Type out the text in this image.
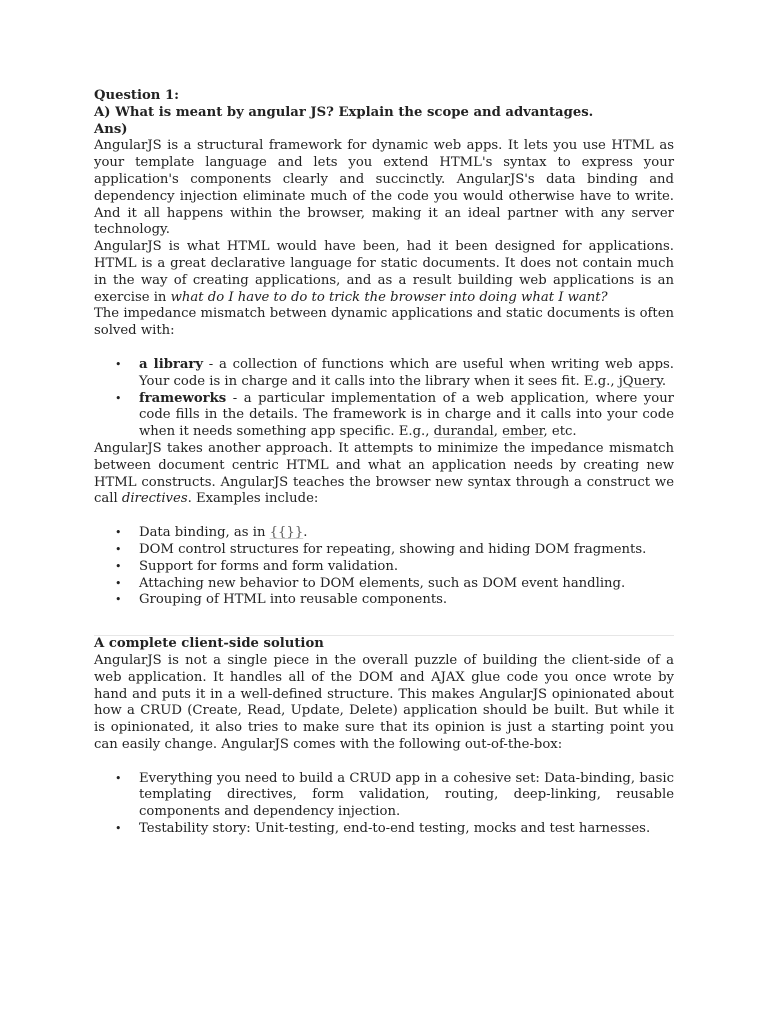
Question 1:

A) What is meant by angular JS? Explain the scope and advantages.

Ans)

AngularJS is a structural framework for dynamic web apps. It lets you use HTML as your template language and lets you extend HTML's syntax to express your application's components clearly and succinctly. AngularJS's data binding and dependency injection eliminate much of the code you would otherwise have to write. And it all happens within the browser, making it an ideal partner with any server technology.

AngularJS is what HTML would have been, had it been designed for applications. HTML is a great declarative language for static documents. It does not contain much in the way of creating applications, and as a result building web applications is an exercise in what do I have to do to trick the browser into doing what I want?

The impedance mismatch between dynamic applications and static documents is often solved with:

• a library - a collection of functions which are useful when writing web apps. Your code is in charge and it calls into the library when it sees fit. E.g., jQuery.
• frameworks - a particular implementation of a web application, where your code fills in the details. The framework is in charge and it calls into your code when it needs something app specific. E.g., durandal, ember, etc.

AngularJS takes another approach. It attempts to minimize the impedance mismatch between document centric HTML and what an application needs by creating new HTML constructs. AngularJS teaches the browser new syntax through a construct we call directives. Examples include:

• Data binding, as in {{}}.
• DOM control structures for repeating, showing and hiding DOM fragments.
• Support for forms and form validation.
• Attaching new behavior to DOM elements, such as DOM event handling.
• Grouping of HTML into reusable components.

A complete client-side solution

AngularJS is not a single piece in the overall puzzle of building the client-side of a web application. It handles all of the DOM and AJAX glue code you once wrote by hand and puts it in a well-defined structure. This makes AngularJS opinionated about how a CRUD (Create, Read, Update, Delete) application should be built. But while it is opinionated, it also tries to make sure that its opinion is just a starting point you can easily change. AngularJS comes with the following out-of-the-box:

• Everything you need to build a CRUD app in a cohesive set: Data-binding, basic templating directives, form validation, routing, deep-linking, reusable components and dependency injection.
• Testability story: Unit-testing, end-to-end testing, mocks and test harnesses.
